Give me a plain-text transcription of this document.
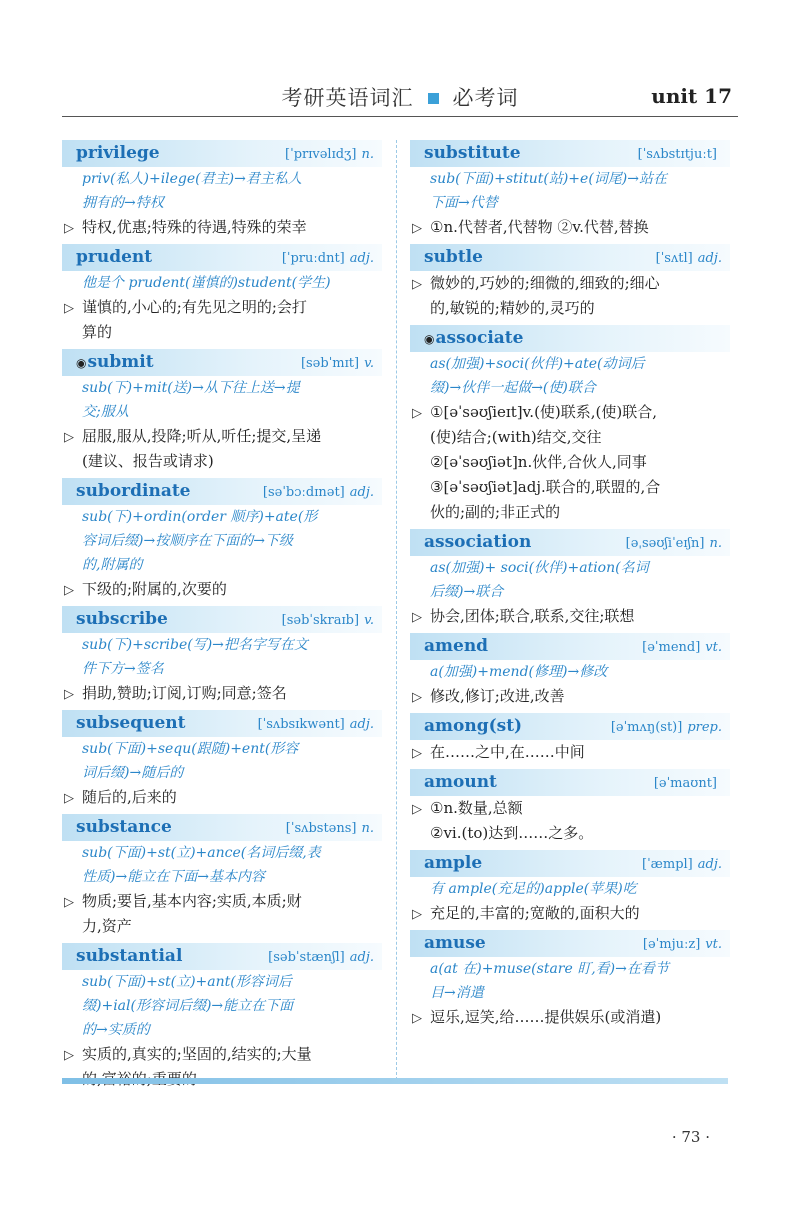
考研英语词汇 必考词	unit 17
privilege	[ˈprɪvəlɪdʒ] n.
priv(私人)+ilege(君主)→君主私人
拥有的→特权
▷ 特权,优惠;特殊的待遇,特殊的荣幸
prudent	[ˈpruːdnt] adj.
他是个 prudent(谨慎的)student(学生)
▷ 谨慎的,小心的;有先见之明的;会打
算的
◉submit	[səbˈmɪt] v.
sub(下)+mit(送)→从下往上送→提
交;服从
▷ 屈服,服从,投降;听从,听任;提交,呈递
(建议、报告或请求)
subordinate	[səˈbɔːdɪnət] adj.
sub(下)+ordin(order 顺序)+ate(形
容词后缀)→按顺序在下面的→下级
的,附属的
▷ 下级的;附属的,次要的
subscribe	[səbˈskraɪb] v.
sub(下)+scribe(写)→把名字写在文
件下方→签名
▷ 捐助,赞助;订阅,订购;同意;签名
subsequent	[ˈsʌbsɪkwənt] adj.
sub(下面)+sequ(跟随)+ent(形容
词后缀)→随后的
▷ 随后的,后来的
substance	[ˈsʌbstəns] n.
sub(下面)+st(立)+ance(名词后缀,表
性质)→能立在下面→基本内容
▷ 物质;要旨,基本内容;实质,本质;财
力,资产
substantial	[səbˈstænʃl] adj.
sub(下面)+st(立)+ant(形容词后
缀)+ial(形容词后缀)→能立在下面
的→实质的
▷ 实质的,真实的;坚固的,结实的;大量
substitute	[ˈsʌbstɪtjuːt]
sub(下面)+stitut(站)+e(词尾)→站在
下面→代替
▷ ①n.代替者,代替物 ②v.代替,替换
subtle	[ˈsʌtl] adj.
▷ 微妙的,巧妙的;细微的,细致的;细心
的,敏锐的;精妙的,灵巧的
◉associate
as(加强)+soci(伙伴)+ate(动词后
缀)→伙伴一起做→(使)联合
▷ ①[əˈsəʊʃieɪt]v.(使)联系,(使)联合,
(使)结合;(with)结交,交往
②[əˈsəʊʃiət]n.伙伴,合伙人,同事
③[əˈsəʊʃiət]adj.联合的,联盟的,合
伙的;副的;非正式的
association	[əˌsəʊʃiˈeɪʃn] n.
as(加强)+ soci(伙伴)+ation(名词
后缀)→联合
▷ 协会,团体;联合,联系,交往;联想
amend	[əˈmend] vt.
a(加强)+mend(修理)→修改
▷ 修改,修订;改进,改善
among(st)	[əˈmʌŋ(st)] prep.
▷ 在……之中,在……中间
amount	[əˈmaʊnt]
▷ ①n.数量,总额
②vi.(to)达到……之多。
ample	[ˈæmpl] adj.
有 ample(充足的)apple(苹果)吃
▷ 充足的,丰富的;宽敞的,面积大的
amuse	[əˈmjuːz] vt.
a(at 在)+muse(stare 盯,看)→在看节
目→消遣
▷ 逗乐,逗笑,给……提供娱乐(或消遣)
· 73 ·
